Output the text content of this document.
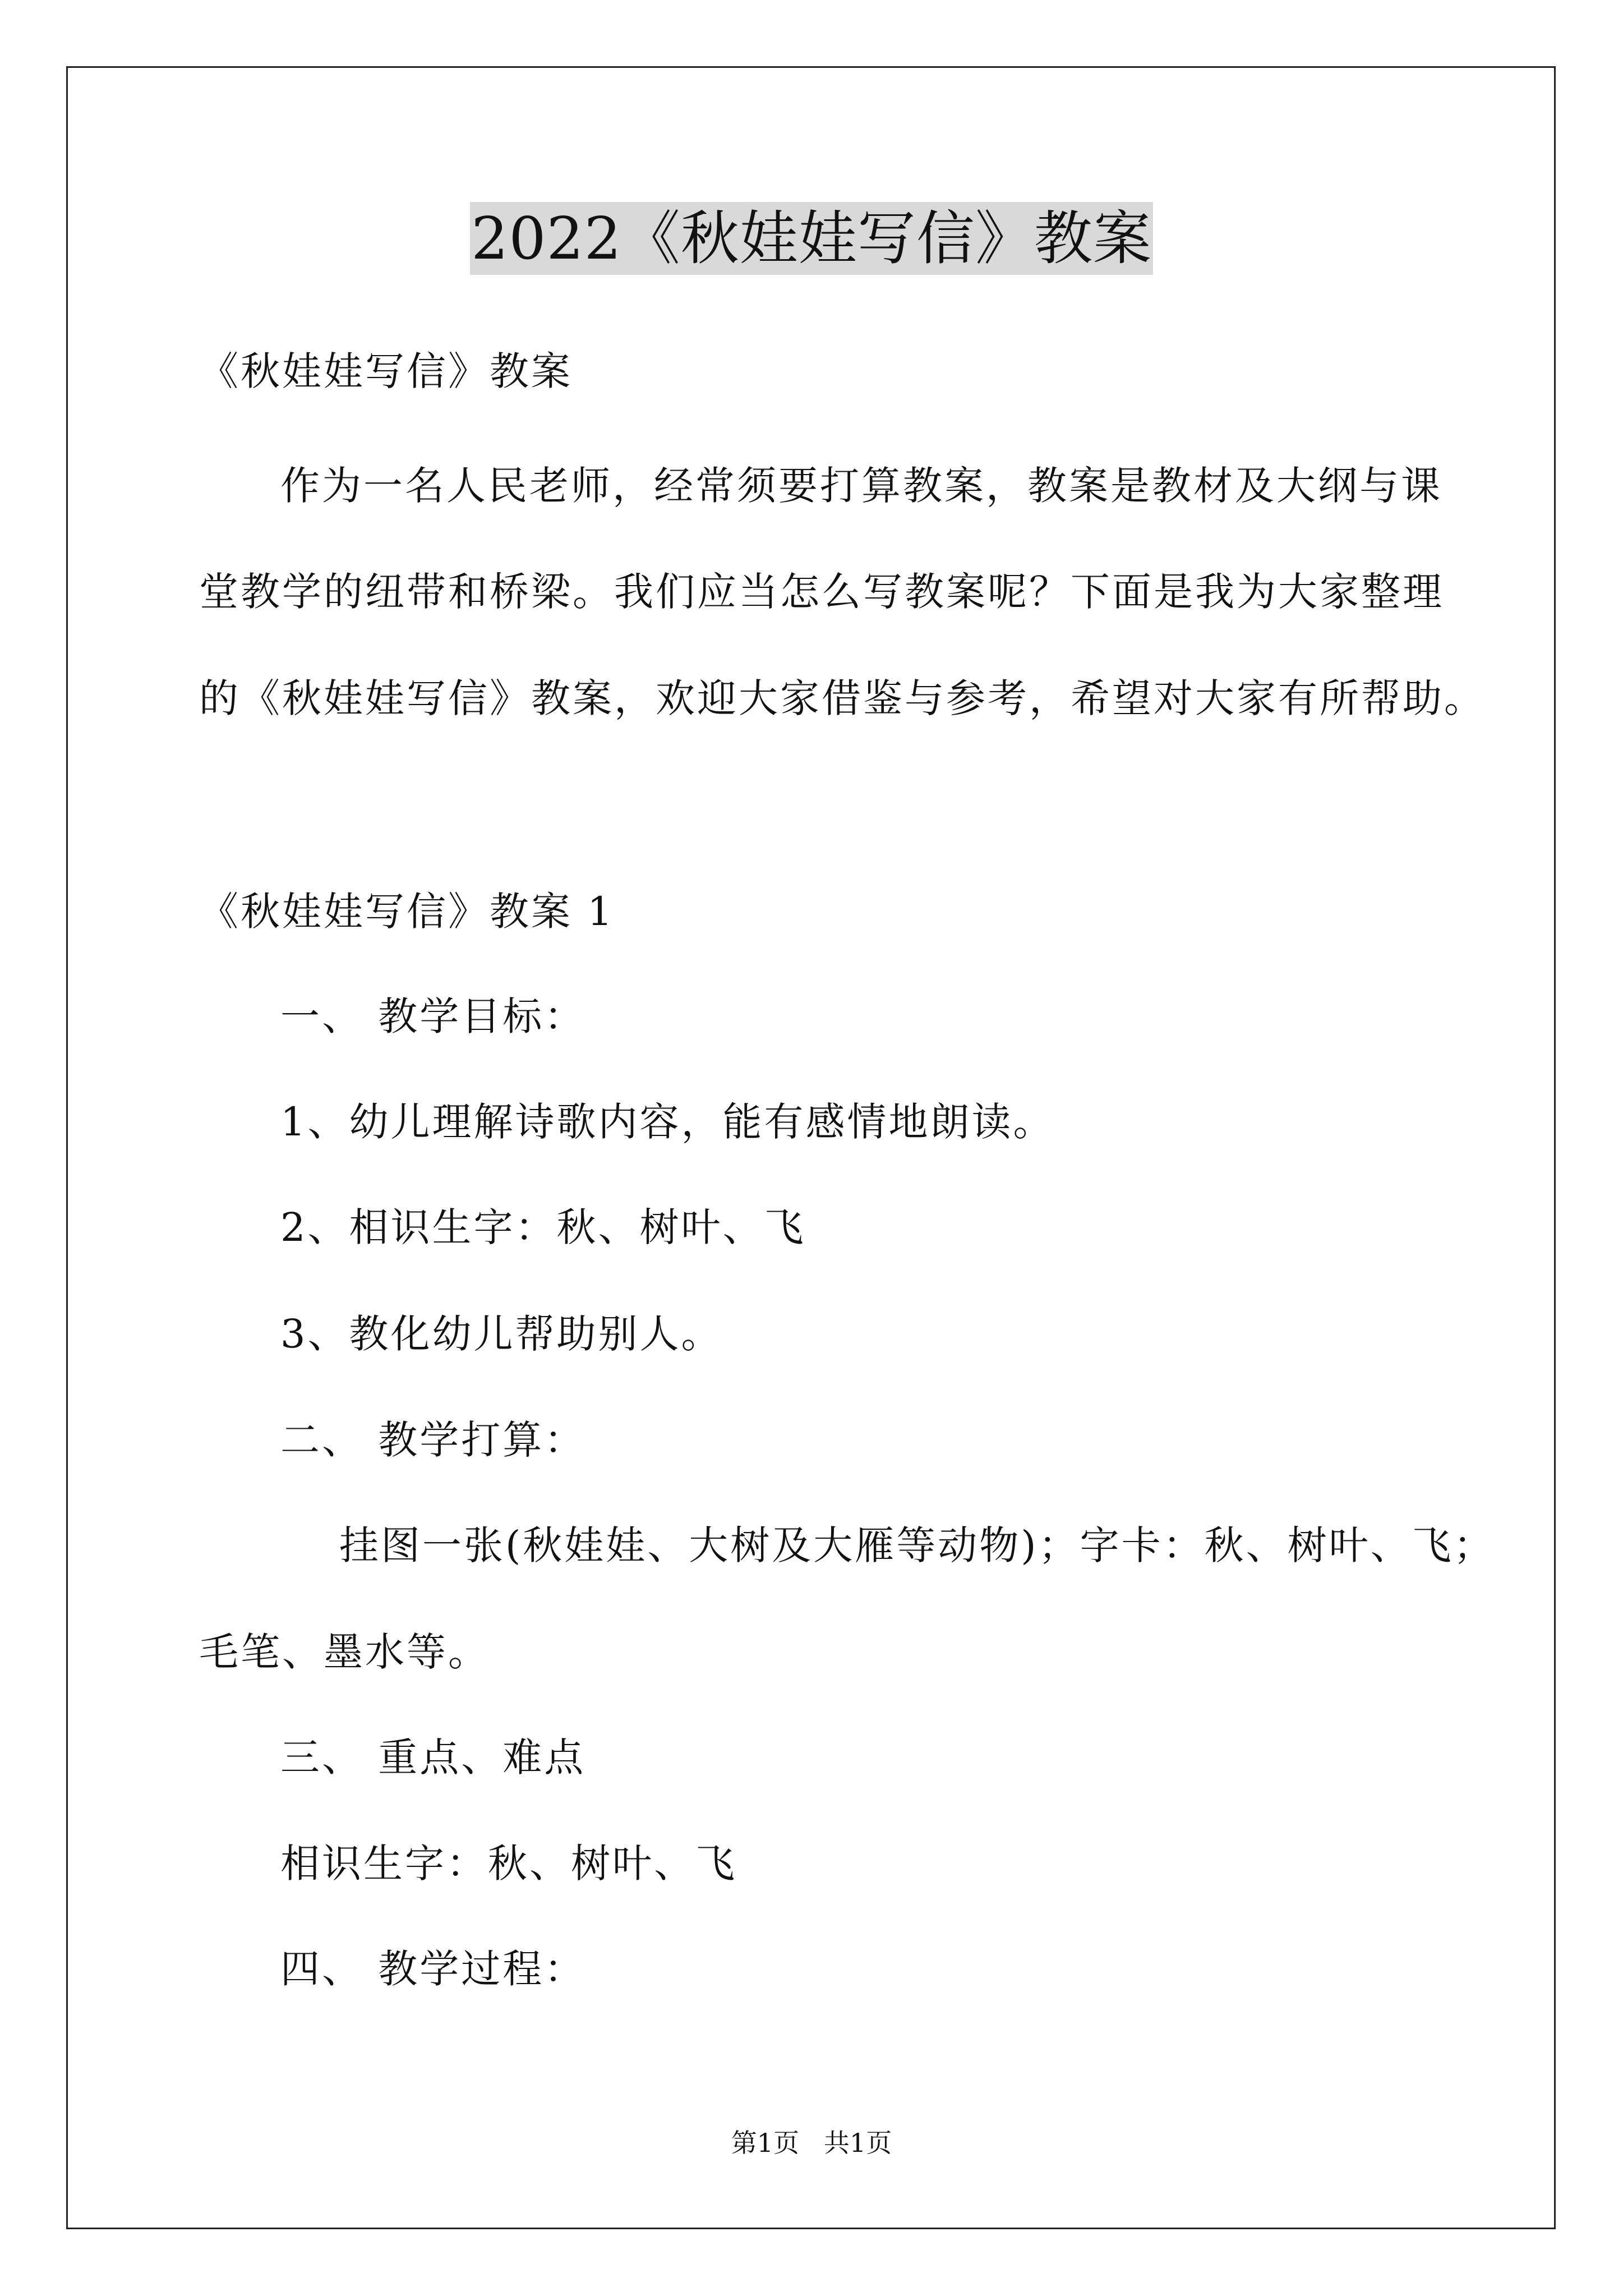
2022《秋娃娃写信》教案
《秋娃娃写信》教案
作为一名人民老师，经常须要打算教案，教案是教材及大纲与课
堂教学的纽带和桥梁。我们应当怎么写教案呢？下面是我为大家整理
的《秋娃娃写信》教案，欢迎大家借鉴与参考，希望对大家有所帮助。
《秋娃娃写信》教案 1
一、 教学目标：
1、幼儿理解诗歌内容，能有感情地朗读。
2、相识生字：秋、树叶、飞
3、教化幼儿帮助别人。
二、 教学打算：
挂图一张(秋娃娃、大树及大雁等动物)；字卡：秋、树叶、飞；
毛笔、墨水等。
三、 重点、难点
相识生字：秋、树叶、飞
四、 教学过程：
第1页   共1页
